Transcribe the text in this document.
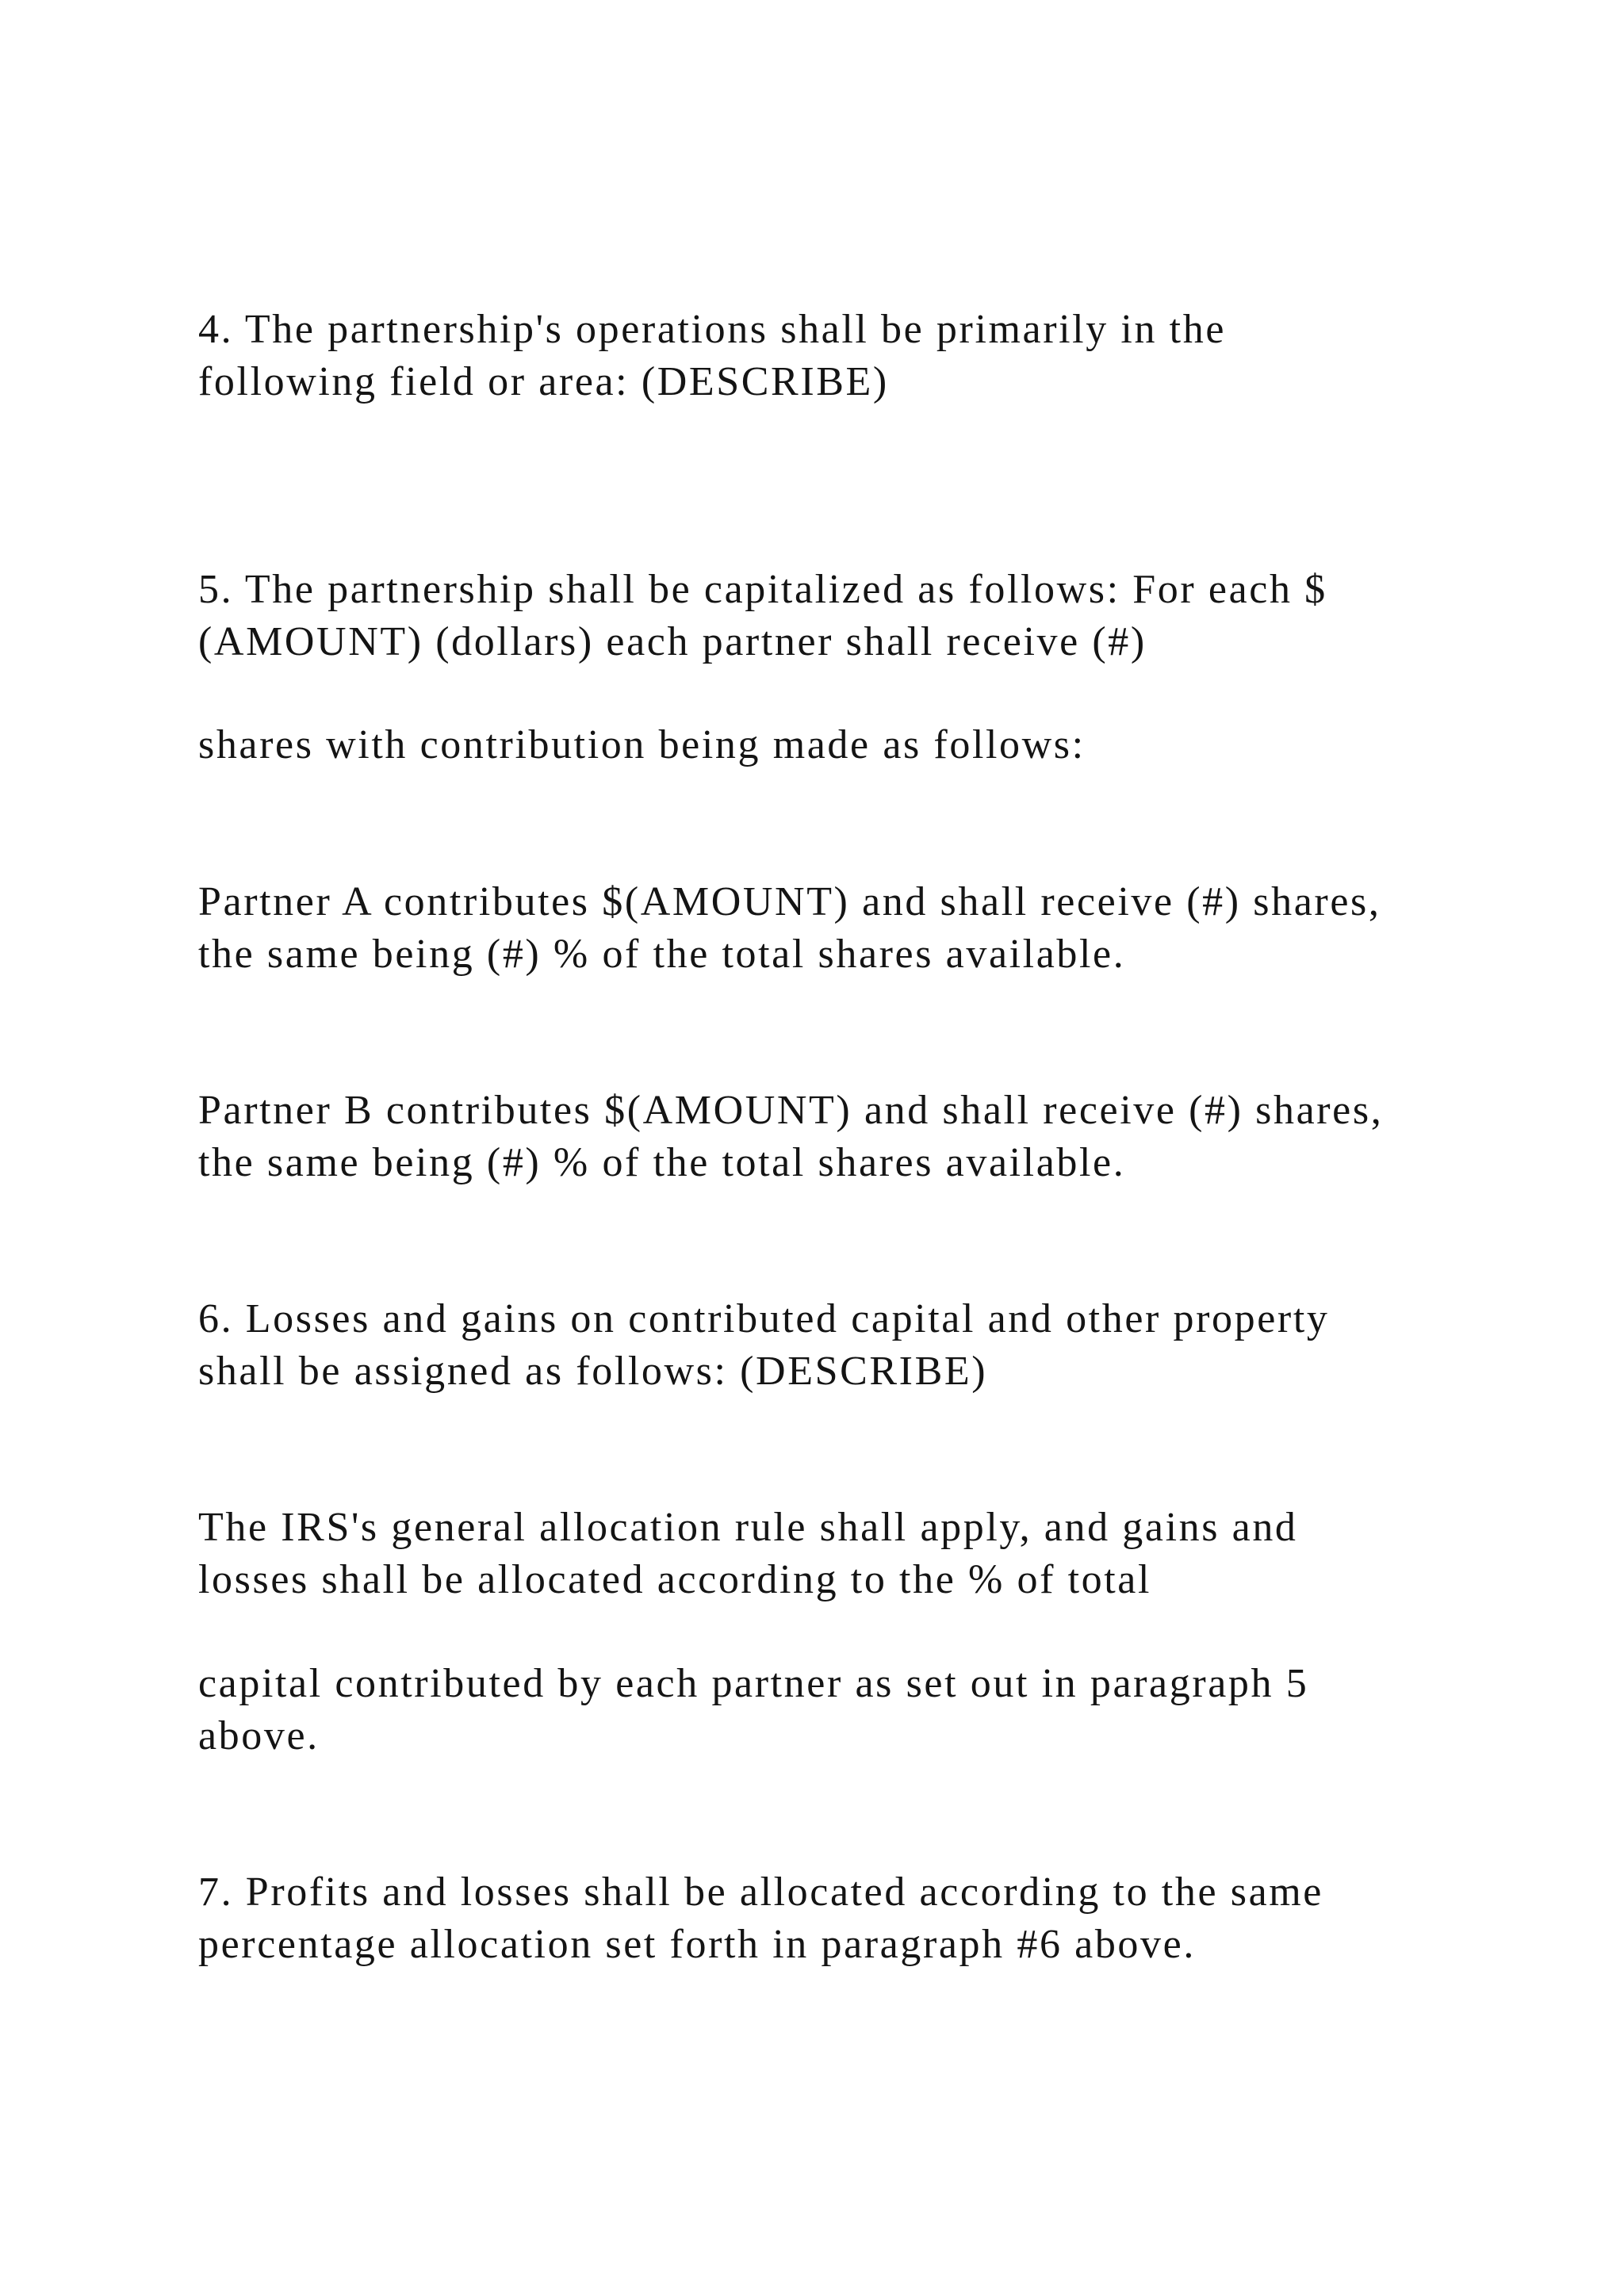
4. The partnership's operations shall be primarily in the

following field or area: (DESCRIBE)

5. The partnership shall be capitalized as follows: For each $

(AMOUNT) (dollars) each partner shall receive (#)

shares with contribution being made as follows:

Partner A contributes $(AMOUNT) and shall receive (#) shares,

the same being (#) % of the total shares available.

Partner B contributes $(AMOUNT) and shall receive (#) shares,

the same being (#) % of the total shares available.

6. Losses and gains on contributed capital and other property

shall be assigned as follows: (DESCRIBE)

The IRS's general allocation rule shall apply, and gains and

losses shall be allocated according to the % of total

capital contributed by each partner as set out in paragraph 5

above.

7. Profits and losses shall be allocated according to the same

percentage allocation set forth in paragraph #6 above.
